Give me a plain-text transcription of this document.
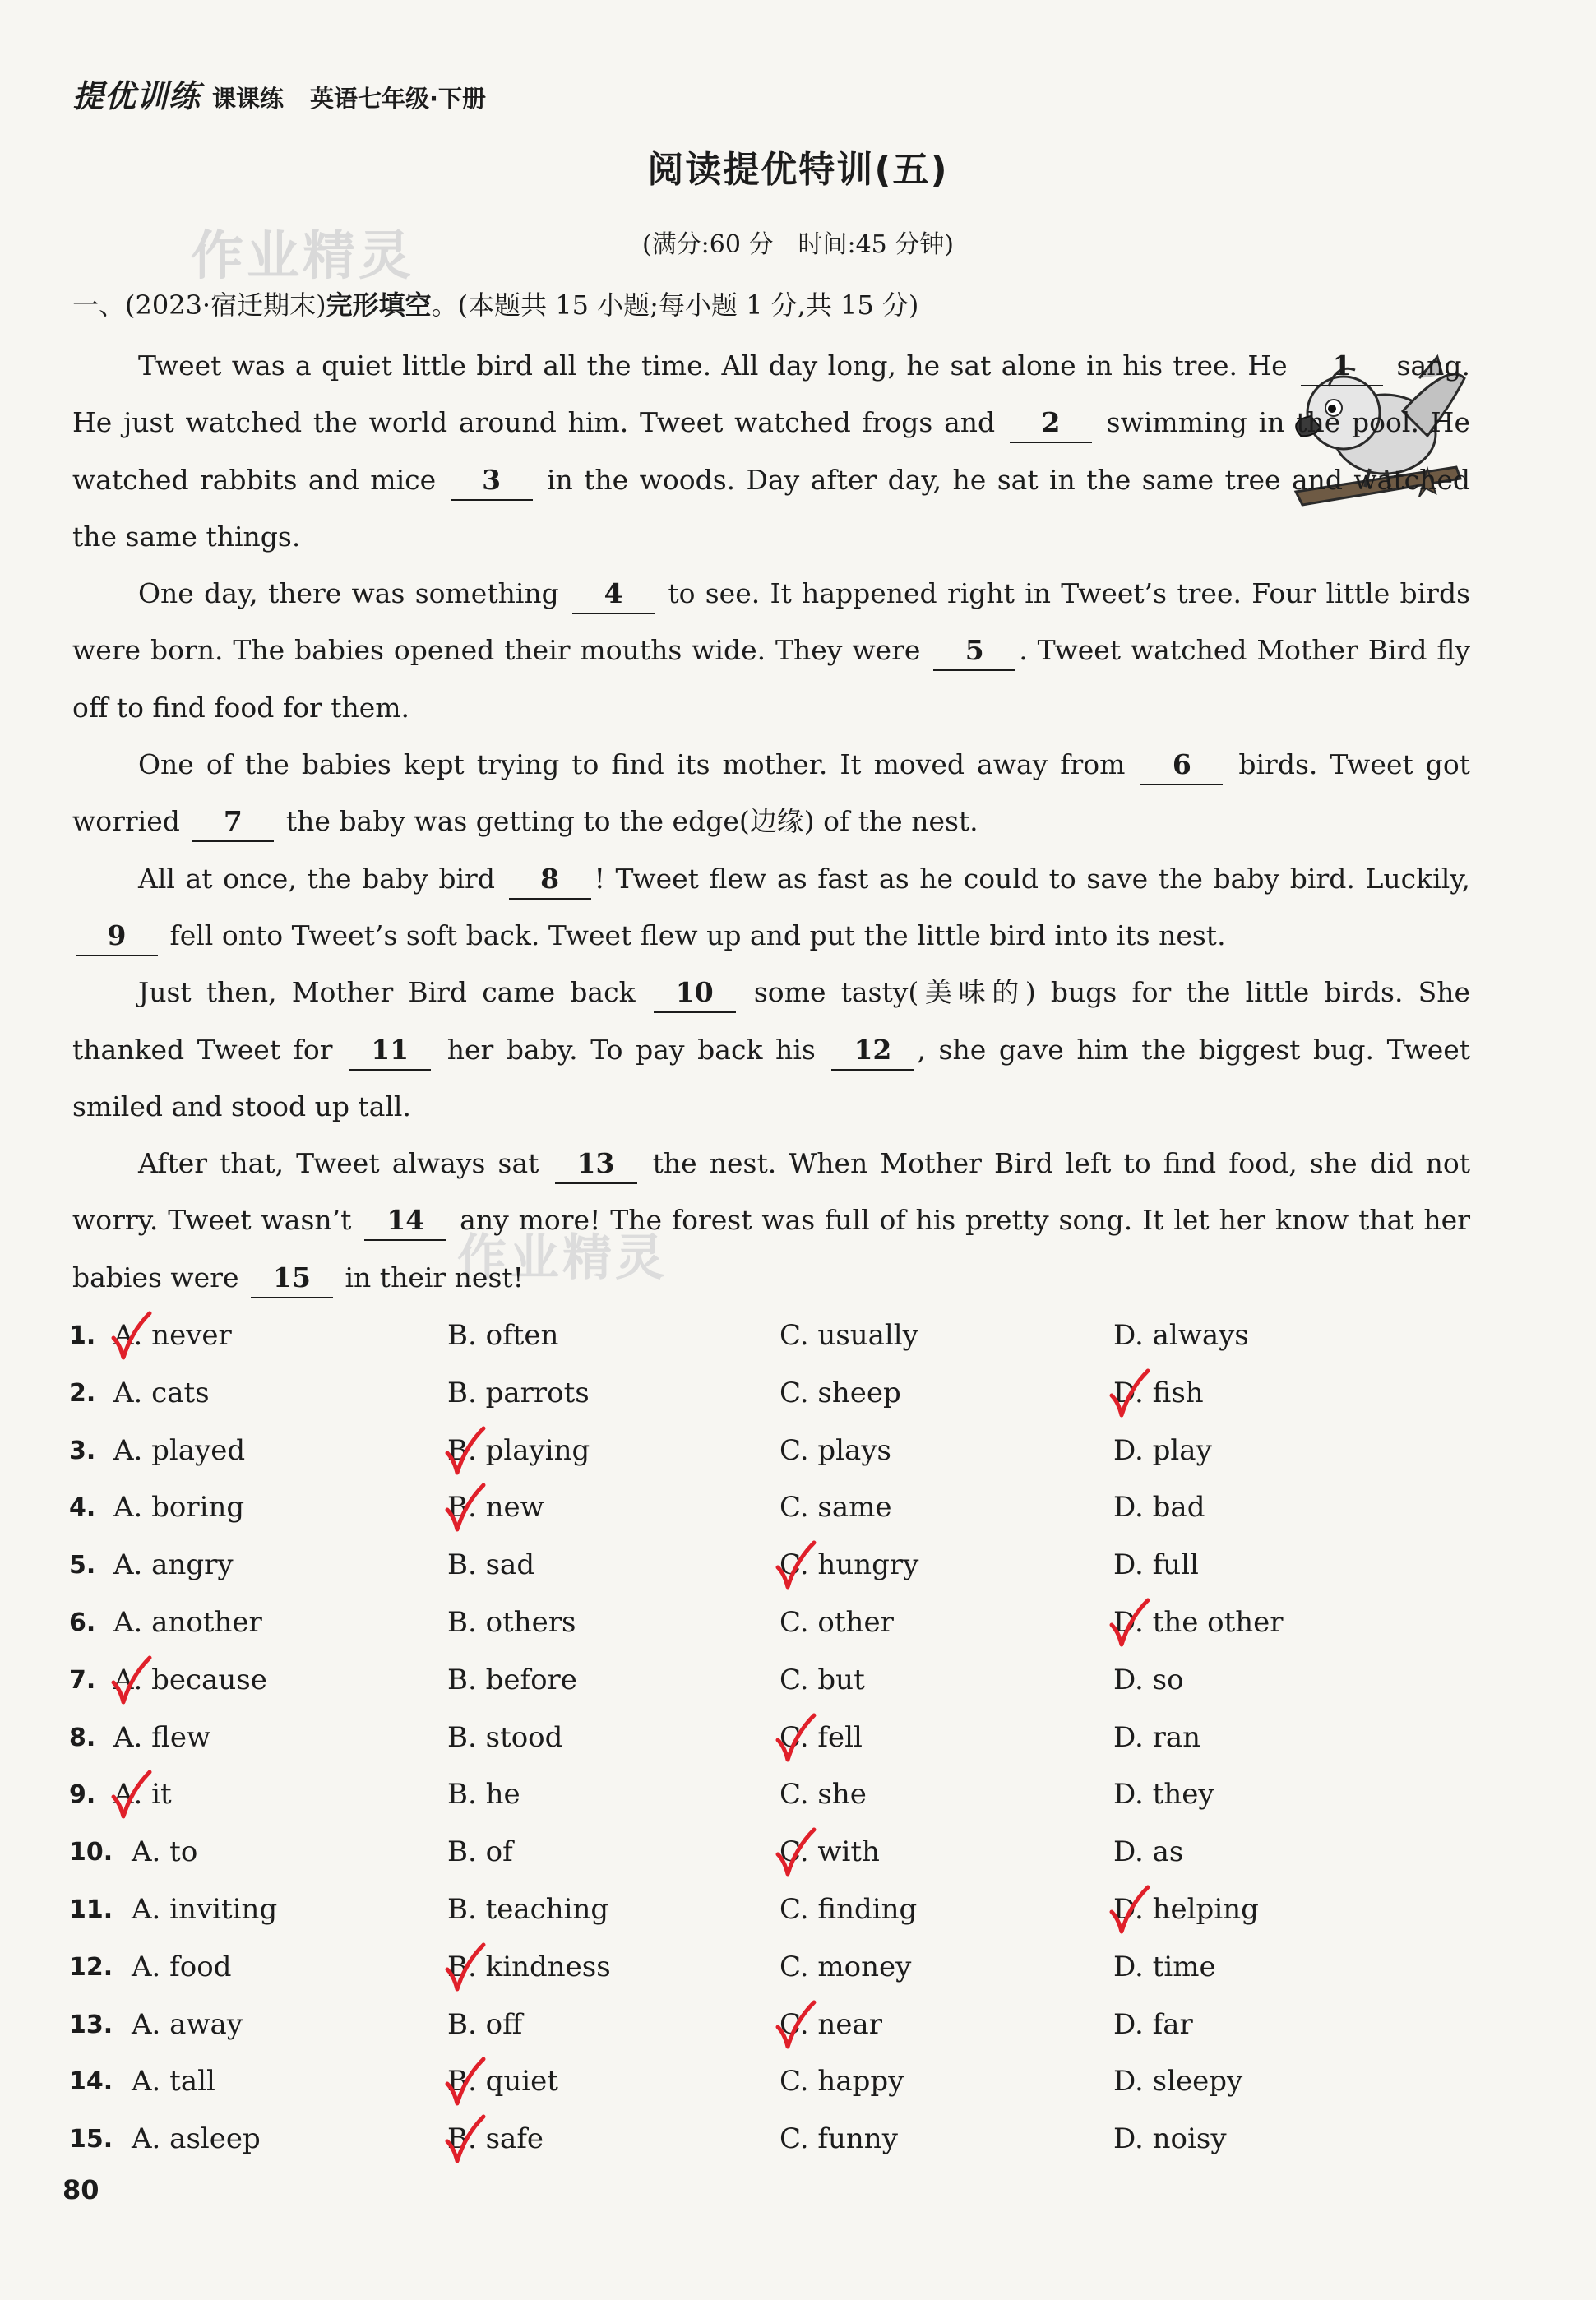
提优训练 课课练 英语七年级·下册
阅读提优特训(五)
(满分:60 分　时间:45 分钟)
作业精灵
作业精灵
一、(2023·宿迁期末)完形填空。(本题共 15 小题;每小题 1 分,共 15 分)

Tweet was a quiet little bird all the time. All day long, he sat alone in his tree. He 1 sang. He just watched the world around him. Tweet watched frogs and 2 swimming in the pool. He watched rabbits and mice 3 in the woods. Day after day, he sat in the same tree and watched the same things.

One day, there was something 4 to see. It happened right in Tweet’s tree. Four little birds were born. The babies opened their mouths wide. They were 5 . Tweet watched Mother Bird fly off to find food for them.

One of the babies kept trying to find its mother. It moved away from 6 birds. Tweet got worried 7 the baby was getting to the edge(边缘) of the nest.

All at once, the baby bird 8 ! Tweet flew as fast as he could to save the baby bird. Luckily, 9 fell onto Tweet’s soft back. Tweet flew up and put the little bird into its nest.

Just then, Mother Bird came back 10 some tasty(美味的) bugs for the little birds. She thanked Tweet for 11 her baby. To pay back his 12 , she gave him the biggest bug. Tweet smiled and stood up tall.

After that, Tweet always sat 13 the nest. When Mother Bird left to find food, she did not worry. Tweet wasn’t 14 any more! The forest was full of his pretty song. It let her know that her babies were 15 in their nest!

1. A. never	B. often	C. usually	D. always
2. A. cats	B. parrots	C. sheep	D. fish
3. A. played	B. playing	C. plays	D. play
4. A. boring	B. new	C. same	D. bad
5. A. angry	B. sad	C. hungry	D. full
6. A. another	B. others	C. other	D. the other
7. A. because	B. before	C. but	D. so
8. A. flew	B. stood	C. fell	D. ran
9. A. it	B. he	C. she	D. they
10. A. to	B. of	C. with	D. as
11. A. inviting	B. teaching	C. finding	D. helping
12. A. food	B. kindness	C. money	D. time
13. A. away	B. off	C. near	D. far
14. A. tall	B. quiet	C. happy	D. sleepy
15. A. asleep	B. safe	C. funny	D. noisy
80
